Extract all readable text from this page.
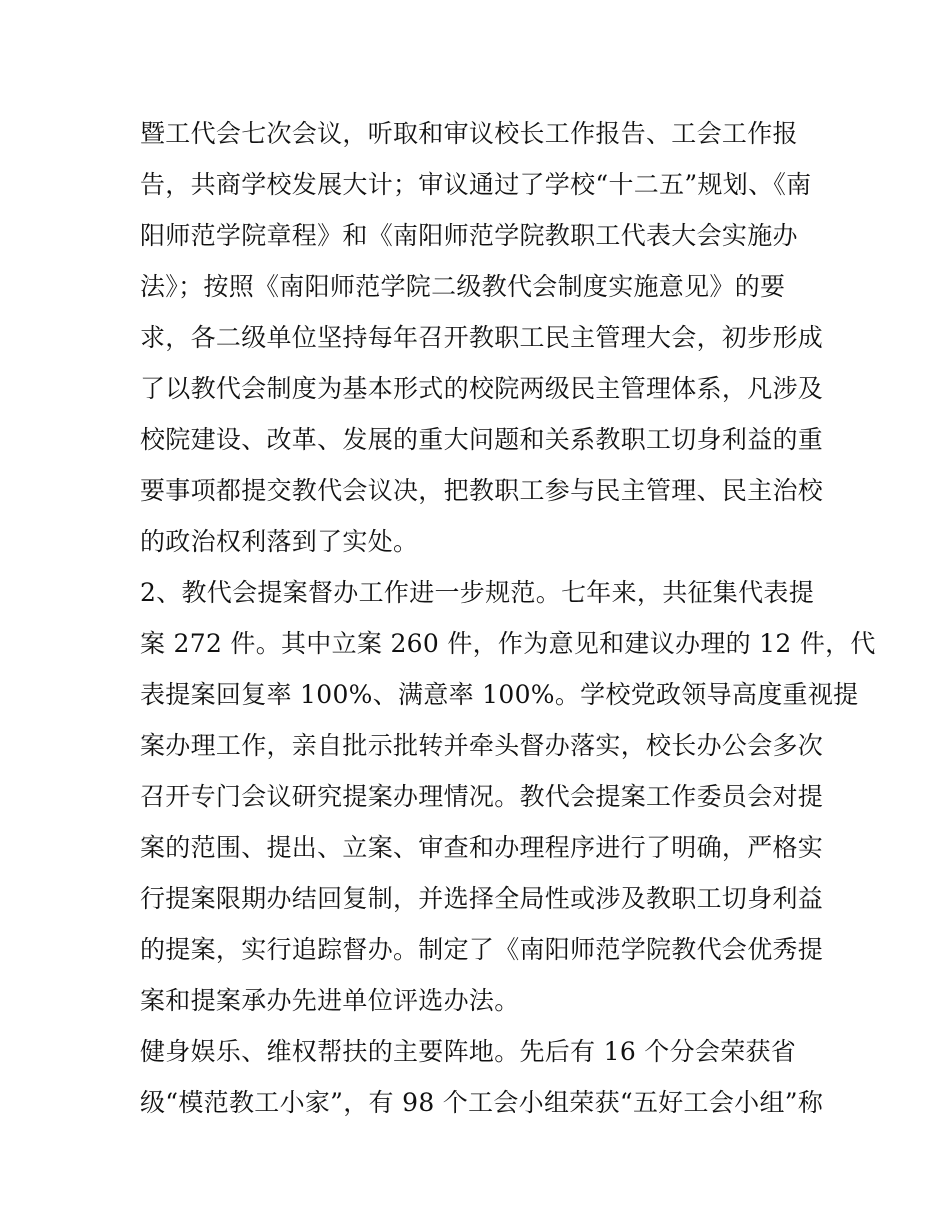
暨工代会七次会议，听取和审议校长工作报告、工会工作报
告，共商学校发展大计；审议通过了学校“十二五”规划、《南
阳师范学院章程》和《南阳师范学院教职工代表大会实施办
法》；按照《南阳师范学院二级教代会制度实施意见》的要
求，各二级单位坚持每年召开教职工民主管理大会，初步形成
了以教代会制度为基本形式的校院两级民主管理体系，凡涉及
校院建设、改革、发展的重大问题和关系教职工切身利益的重
要事项都提交教代会议决，把教职工参与民主管理、民主治校
的政治权利落到了实处。
2、教代会提案督办工作进一步规范。七年来，共征集代表提
案 272 件。其中立案 260 件，作为意见和建议办理的 12 件，代
表提案回复率 100%、满意率 100%。学校党政领导高度重视提
案办理工作，亲自批示批转并牵头督办落实，校长办公会多次
召开专门会议研究提案办理情况。教代会提案工作委员会对提
案的范围、提出、立案、审查和办理程序进行了明确，严格实
行提案限期办结回复制，并选择全局性或涉及教职工切身利益
的提案，实行追踪督办。制定了《南阳师范学院教代会优秀提
案和提案承办先进单位评选办法。
健身娱乐、维权帮扶的主要阵地。先后有 16 个分会荣获省
级“模范教工小家”，有 98 个工会小组荣获“五好工会小组”称
